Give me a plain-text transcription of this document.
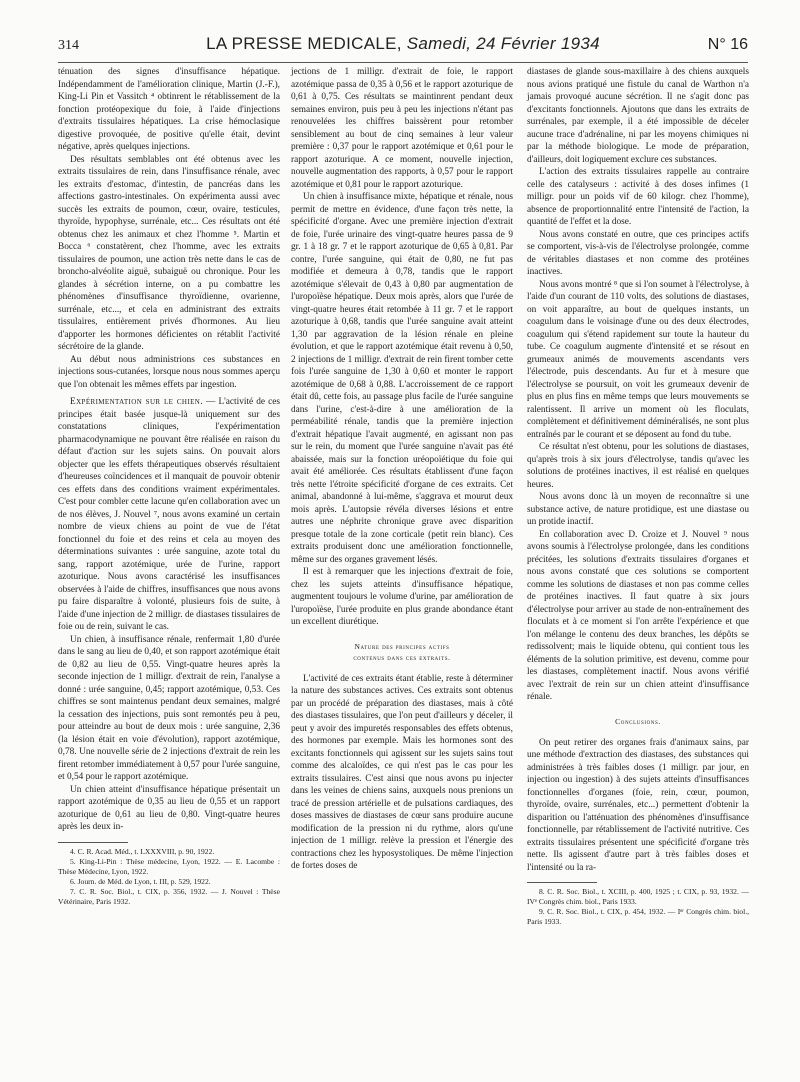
314	LA PRESSE MEDICALE, Samedi, 24 Février 1934	N° 16

ténuation des signes d'insuffisance hépatique. Indépendamment de l'amélioration clinique, Martin (J.-F.), King-Li Pin et Vassitch ⁴ obtinrent le rétablissement de la fonction protéopexique du foie, à l'aide d'injections d'extraits tissulaires hépatiques. La crise hémoclasique digestive provoquée, de positive qu'elle était, devint négative, après quelques injections.

Des résultats semblables ont été obtenus avec les extraits tissulaires de rein, dans l'insuffisance rénale, avec les extraits d'estomac, d'intestin, de pancréas dans les affections gastro-intestinales. On expérimenta aussi avec succès les extraits de poumon, cœur, ovaire, testicules, thyroïde, hypophyse, surrénale, etc... Ces résultats ont été obtenus chez les animaux et chez l'homme ⁵. Martin et Bocca ⁶ constatèrent, chez l'homme, avec les extraits tissulaires de poumon, une action très nette dans le cas de broncho-alvéolite aiguë, subaiguë ou chronique. Pour les glandes à sécrétion interne, on a pu combattre les phénomènes d'insuffisance thyroïdienne, ovarienne, surrénale, etc..., et cela en administrant des extraits tissulaires, entièrement privés d'hormones. Au lieu d'apporter les hormones déficientes on rétablit l'activité sécrétoire de la glande.

Au début nous administrions ces substances en injections sous-cutanées, lorsque nous nous sommes aperçu que l'on obtenait les mêmes effets par ingestion.

Expérimentation sur le chien. — L'activité de ces principes était basée jusque-là uniquement sur des constatations cliniques, l'expérimentation pharmacodynamique ne pouvant être réalisée en raison du défaut d'action sur les sujets sains. On pouvait alors objecter que les effets thérapeutiques observés résultaient d'heureuses coïncidences et il manquait de pouvoir obtenir ces effets dans des conditions vraiment expérimentales. C'est pour combler cette lacune qu'en collaboration avec un de nos élèves, J. Nouvel ⁷, nous avons examiné un certain nombre de vieux chiens au point de vue de l'état fonctionnel du foie et des reins et cela au moyen des déterminations suivantes : urée sanguine, azote total du sang, rapport azotémique, urée de l'urine, rapport azoturique. Nous avons caractérisé les insuffisances observées à l'aide de chiffres, insuffisances que nous avons pu faire disparaître à volonté, plusieurs fois de suite, à l'aide d'une injection de 2 milligr. de diastases tissulaires de foie ou de rein, suivant le cas.

Un chien, à insuffisance rénale, renfermait 1,80 d'urée dans le sang au lieu de 0,40, et son rapport azotémique était de 0,82 au lieu de 0,55. Vingt-quatre heures après la seconde injection de 1 milligr. d'extrait de rein, l'analyse a donné : urée sanguine, 0,45; rapport azotémique, 0,53. Ces chiffres se sont maintenus pendant deux semaines, malgré la cessation des injections, puis sont remontés peu à peu, pour atteindre au bout de deux mois : urée sanguine, 2,36 (la lésion était en voie d'évolution), rapport azotémique, 0,78. Une nouvelle série de 2 injections d'extrait de rein les firent retomber immédiatement à 0,57 pour l'urée sanguine, et 0,54 pour le rapport azotémique.

Un chien atteint d'insuffisance hépatique présentait un rapport azotémique de 0,35 au lieu de 0,55 et un rapport azoturique de 0,61 au lieu de 0,80. Vingt-quatre heures après les deux in-

4. C. R. Acad. Méd., t. LXXXVIII, p. 90, 1922.

5. King-Li-Pin : Thèse médecine, Lyon, 1922. — E. Lacombe : Thèse Médecine, Lyon, 1922.

6. Journ. de Méd. de Lyon, t. III, p. 529, 1922.

7. C. R. Soc. Biol., t. CIX, p. 356, 1932. — J. Nouvel : Thèse Vétérinaire, Paris 1932.

jections de 1 milligr. d'extrait de foie, le rapport azotémique passa de 0,35 à 0,56 et le rapport azoturique de 0,61 à 0,75. Ces résultats se maintinrent pendant deux semaines environ, puis peu à peu les injections n'étant pas renouvelées les chiffres baissèrent pour retomber sensiblement au bout de cinq semaines à leur valeur première : 0,37 pour le rapport azotémique et 0,61 pour le rapport azoturique. A ce moment, nouvelle injection, nouvelle augmentation des rapports, à 0,57 pour le rapport azotémique et 0,81 pour le rapport azoturique.

Un chien à insuffisance mixte, hépatique et rénale, nous permit de mettre en évidence, d'une façon très nette, la spécificité d'organe. Avec une première injection d'extrait de foie, l'urée urinaire des vingt-quatre heures passa de 9 gr. 1 à 18 gr. 7 et le rapport azoturique de 0,65 à 0,81. Par contre, l'urée sanguine, qui était de 0,80, ne fut pas modifiée et demeura à 0,78, tandis que le rapport azotémique s'élevait de 0,43 à 0,80 par augmentation de l'uropoïèse hépatique. Deux mois après, alors que l'urée de vingt-quatre heures était retombée à 11 gr. 7 et le rapport azoturique à 0,68, tandis que l'urée sanguine avait atteint 1,30 par aggravation de la lésion rénale en pleine évolution, et que le rapport azotémique était revenu à 0,50, 2 injections de 1 milligr. d'extrait de rein firent tomber cette fois l'urée sanguine de 1,30 à 0,60 et monter le rapport azotémique de 0,68 à 0,88. L'accroissement de ce rapport était dû, cette fois, au passage plus facile de l'urée sanguine dans l'urine, c'est-à-dire à une amélioration de la perméabilité rénale, tandis que la première injection d'extrait hépatique l'avait augmenté, en agissant non pas sur le rein, du moment que l'urée sanguine n'avait pas été abaissée, mais sur la fonction uréopoïétique du foie qui avait été améliorée. Ces résultats établissent d'une façon très nette l'étroite spécificité d'organe de ces extraits. Cet animal, abandonné à lui-même, s'aggrava et mourut deux mois après. L'autopsie révéla diverses lésions et entre autres une néphrite chronique grave avec disparition presque totale de la zone corticale (petit rein blanc). Ces extraits produisent donc une amélioration fonctionnelle, même sur des organes gravement lésés.

Il est à remarquer que les injections d'extrait de foie, chez les sujets atteints d'insuffisance hépatique, augmentent toujours le volume d'urine, par amélioration de l'uropoïèse, l'urée produite en plus grande abondance étant un excellent diurétique.

Nature des principes actifs
contenus dans ces extraits.

L'activité de ces extraits étant établie, reste à déterminer la nature des substances actives. Ces extraits sont obtenus par un procédé de préparation des diastases, mais à côté des diastases tissulaires, que l'on peut d'ailleurs y déceler, il peut y avoir des impuretés responsables des effets obtenus, des hormones par exemple. Mais les hormones sont des excitants fonctionnels qui agissent sur les sujets sains tout comme des alcaloïdes, ce qui n'est pas le cas pour les extraits tissulaires. C'est ainsi que nous avons pu injecter dans les veines de chiens sains, auxquels nous prenions un tracé de pression artérielle et de pulsations cardiaques, des doses massives de diastases de cœur sans produire aucune modification de la pression ni du rythme, alors qu'une injection de 1 milligr. relève la pression et l'énergie des contractions chez les hyposystoliques. De même l'injection de fortes doses de

diastases de glande sous-maxillaire à des chiens auxquels nous avions pratiqué une fistule du canal de Warthon n'a jamais provoqué aucune sécrétion. Il ne s'agit donc pas d'excitants fonctionnels. Ajoutons que dans les extraits de surrénales, par exemple, il a été impossible de déceler aucune trace d'adrénaline, ni par les moyens chimiques ni par la méthode biologique. Le mode de préparation, d'ailleurs, doit logiquement exclure ces substances.

L'action des extraits tissulaires rappelle au contraire celle des catalyseurs : activité à des doses infimes (1 milligr. pour un poids vif de 60 kilogr. chez l'homme), absence de proportionnalité entre l'intensité de l'action, la quantité de l'effet et la dose.

Nous avons constaté en outre, que ces principes actifs se comportent, vis-à-vis de l'électrolyse prolongée, comme de véritables diastases et non comme des protéines inactives.

Nous avons montré ⁸ que si l'on soumet à l'électrolyse, à l'aide d'un courant de 110 volts, des solutions de diastases, on voit apparaître, au bout de quelques instants, un coagulum dans le voisinage d'une ou des deux électrodes, coagulum qui s'étend rapidement sur toute la hauteur du tube. Ce coagulum augmente d'intensité et se résout en grumeaux animés de mouvements ascendants vers l'électrode, puis descendants. Au fur et à mesure que l'électrolyse se poursuit, on voit les grumeaux devenir de plus en plus fins en même temps que leurs mouvements se ralentissent. Il arrive un moment où les floculats, complètement et définitivement déminéralisés, ne sont plus entraînés par le courant et se déposent au fond du tube.

Ce résultat n'est obtenu, pour les solutions de diastases, qu'après trois à six jours d'électrolyse, tandis qu'avec les solutions de protéines inactives, il est réalisé en quelques heures.

Nous avons donc là un moyen de reconnaître si une substance active, de nature protidique, est une diastase ou un protide inactif.

En collaboration avec D. Croize et J. Nouvel ⁹ nous avons soumis à l'électrolyse prolongée, dans les conditions précitées, les solutions d'extraits tissulaires d'organes et nous avons constaté que ces solutions se comportent comme les solutions de diastases et non pas comme celles de protéines inactives. Il faut quatre à six jours d'électrolyse pour arriver au stade de non-entraînement des floculats et à ce moment si l'on arrête l'expérience et que l'on mélange le contenu des deux branches, les dépôts se redissolvent; mais le liquide obtenu, qui contient tous les éléments de la solution primitive, est devenu, comme pour les diastases, complètement inactif. Nous avons vérifié avec l'extrait de rein sur un chien atteint d'insuffisance rénale.

Conclusions.

On peut retirer des organes frais d'animaux sains, par une méthode d'extraction des diastases, des substances qui administrées à très faibles doses (1 milligr. par jour, en injection ou ingestion) à des sujets atteints d'insuffisances fonctionnelles d'organes (foie, rein, cœur, poumon, thyroïde, ovaire, surrénales, etc...) permettent d'obtenir la disparition ou l'atténuation des phénomènes d'insuffisance fonctionnelle, par rétablissement de l'activité nutritive. Ces extraits tissulaires présentent une spécificité d'organe très nette. Ils agissent d'autre part à très faibles doses et l'intensité ou la ra-

8. C. R. Soc. Biol., t. XCIII, p. 400, 1925 ; t. CIX, p. 93, 1932. — IVᵉ Congrès chim. biol., Paris 1933.

9. C. R. Soc. Biol., t. CIX, p. 454, 1932. — Iᵉʳ Congrès chim. biol., Paris 1933.
